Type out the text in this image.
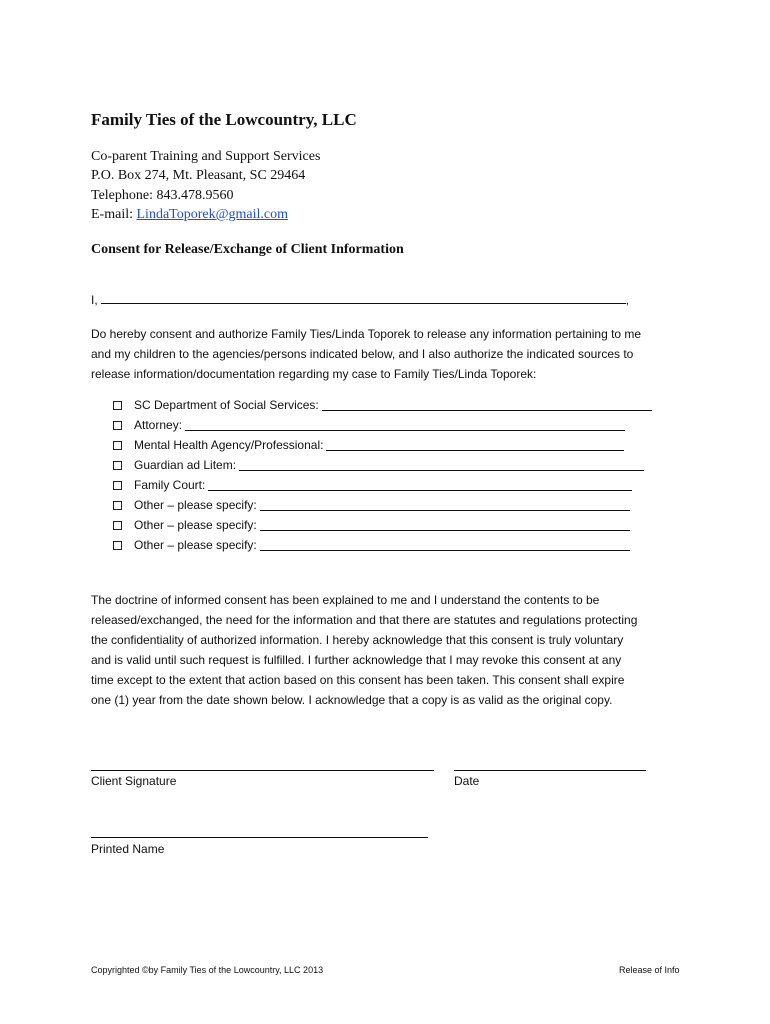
Family Ties of the Lowcountry, LLC
Co-parent Training and Support Services
P.O. Box 274, Mt. Pleasant, SC 29464
Telephone: 843.478.9560
E-mail: LindaToporek@gmail.com
Consent for Release/Exchange of Client Information
I,	,
Do hereby consent and authorize Family Ties/Linda Toporek to release any information pertaining to me
and my children to the agencies/persons indicated below, and I also authorize the indicated sources to
release information/documentation regarding my case to Family Ties/Linda Toporek:
SC Department of Social Services:
Attorney:
Mental Health Agency/Professional:
Guardian ad Litem:
Family Court:
Other – please specify:
Other – please specify:
Other – please specify:
The doctrine of informed consent has been explained to me and I understand the contents to be
released/exchanged, the need for the information and that there are statutes and regulations protecting
the confidentiality of authorized information. I hereby acknowledge that this consent is truly voluntary
and is valid until such request is fulfilled. I further acknowledge that I may revoke this consent at any
time except to the extent that action based on this consent has been taken. This consent shall expire
one (1) year from the date shown below. I acknowledge that a copy is as valid as the original copy.
Client Signature	Date
Printed Name
Copyrighted ©by Family Ties of the Lowcountry, LLC 2013	Release of Info
